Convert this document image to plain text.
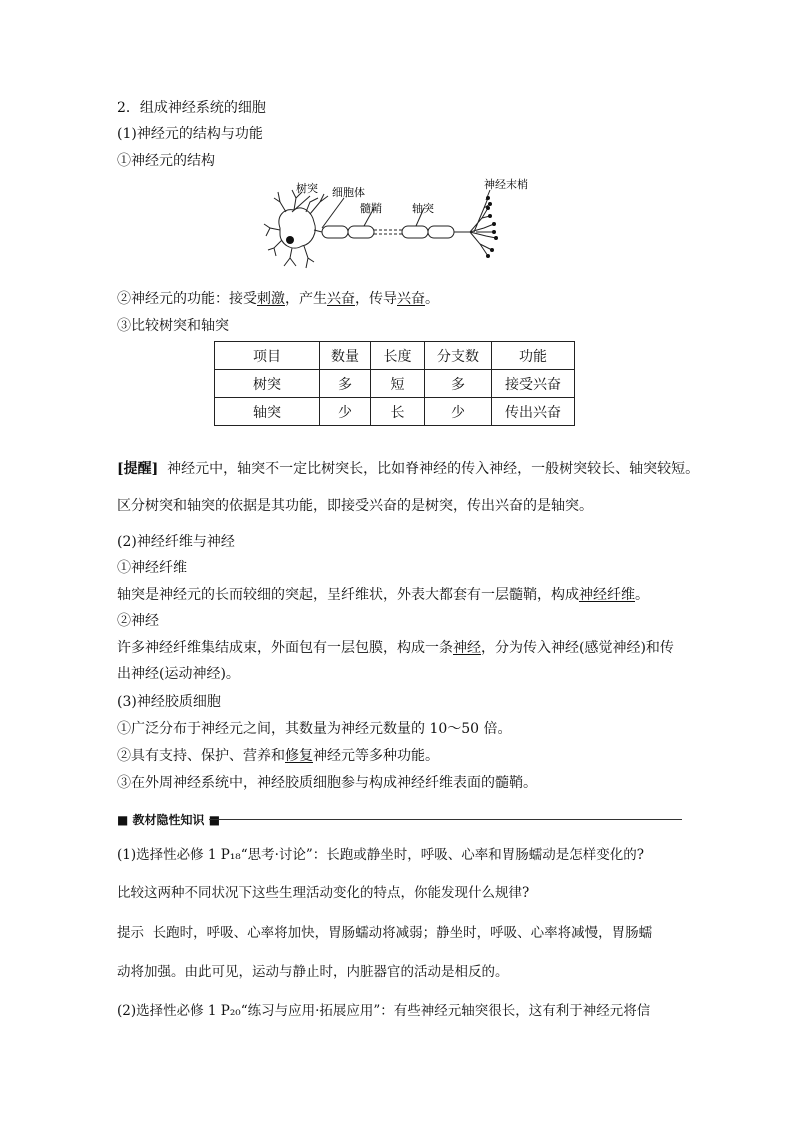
2．组成神经系统的细胞
(1)神经元的结构与功能
①神经元的结构
树突 细胞体
髓鞘	轴突
神经末梢
②神经元的功能：接受刺激，产生兴奋，传导兴奋。
③比较树突和轴突
项目	数量	长度	分支数	功能
树突	多	短	多	接受兴奋
轴突	少	长	少	传出兴奋
[提醒] 神经元中，轴突不一定比树突长，比如脊神经的传入神经，一般树突较长、轴突较短。
区分树突和轴突的依据是其功能，即接受兴奋的是树突，传出兴奋的是轴突。
(2)神经纤维与神经
①神经纤维
轴突是神经元的长而较细的突起，呈纤维状，外表大都套有一层髓鞘，构成神经纤维。
②神经
许多神经纤维集结成束，外面包有一层包膜，构成一条神经，分为传入神经(感觉神经)和传
出神经(运动神经)。
(3)神经胶质细胞
①广泛分布于神经元之间，其数量为神经元数量的 10～50 倍。
②具有支持、保护、营养和修复神经元等多种功能。
③在外周神经系统中，神经胶质细胞参与构成神经纤维表面的髓鞘。
■ 教材隐性知识 ■
(1)选择性必修 1 P₁₈“思考·讨论”：长跑或静坐时，呼吸、心率和胃肠蠕动是怎样变化的?
比较这两种不同状况下这些生理活动变化的特点，你能发现什么规律?
提示 长跑时，呼吸、心率将加快，胃肠蠕动将减弱；静坐时，呼吸、心率将减慢，胃肠蠕
动将加强。由此可见，运动与静止时，内脏器官的活动是相反的。
(2)选择性必修 1 P₂₀“练习与应用·拓展应用”：有些神经元轴突很长，这有利于神经元将信
